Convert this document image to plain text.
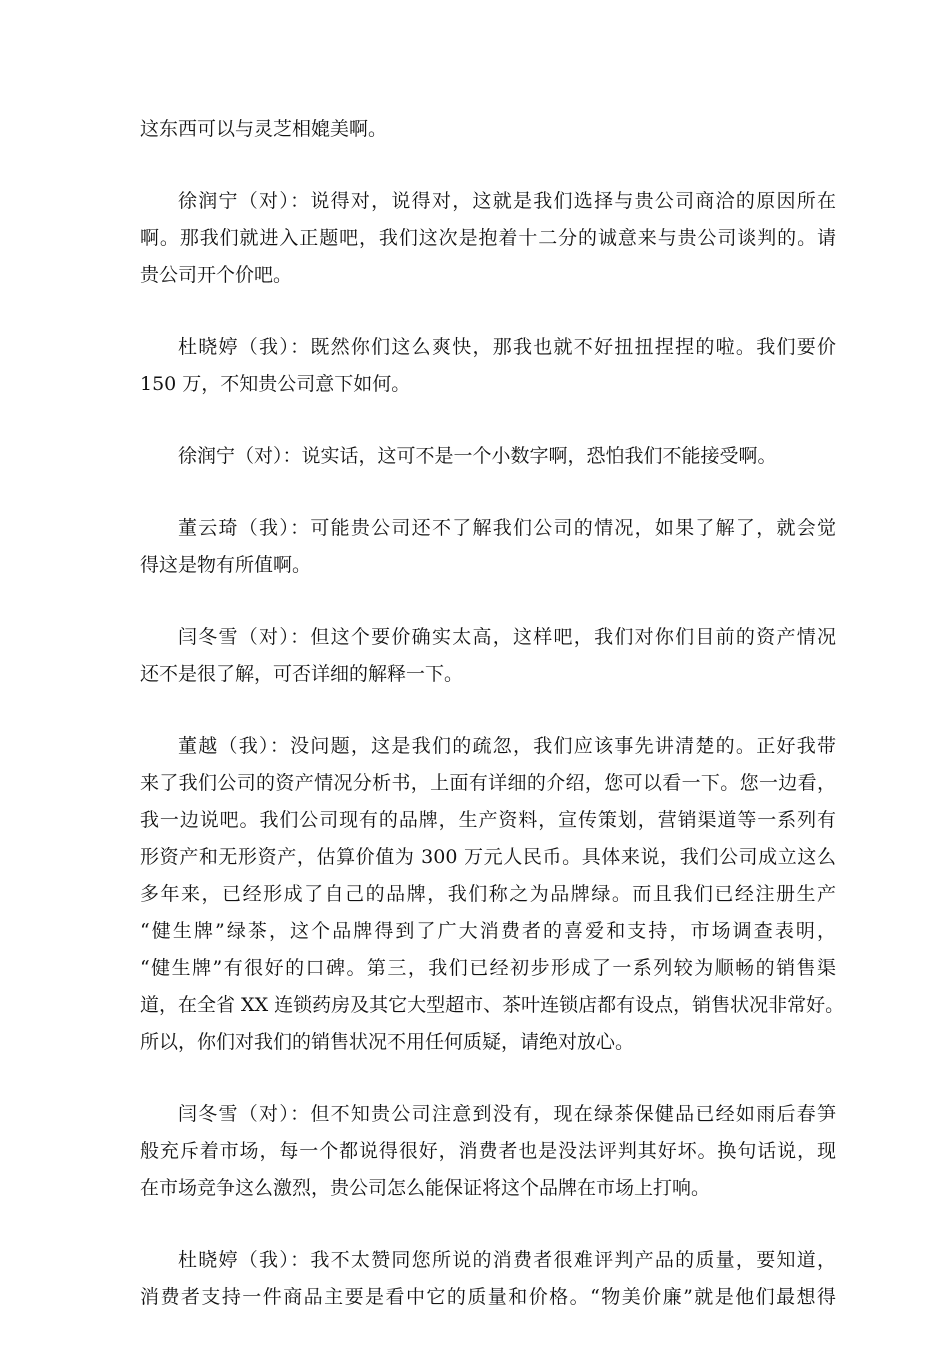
这东西可以与灵芝相媲美啊。
徐润宁（对）：说得对，说得对，这就是我们选择与贵公司商洽的原因所在
啊。那我们就进入正题吧，我们这次是抱着十二分的诚意来与贵公司谈判的。请
贵公司开个价吧。
杜晓婷（我）：既然你们这么爽快，那我也就不好扭扭捏捏的啦。我们要价
150 万，不知贵公司意下如何。
徐润宁（对）：说实话，这可不是一个小数字啊，恐怕我们不能接受啊。
董云琦（我）：可能贵公司还不了解我们公司的情况，如果了解了，就会觉
得这是物有所值啊。
闫冬雪（对）：但这个要价确实太高，这样吧，我们对你们目前的资产情况
还不是很了解，可否详细的解释一下。
董越（我）：没问题，这是我们的疏忽，我们应该事先讲清楚的。正好我带
来了我们公司的资产情况分析书，上面有详细的介绍，您可以看一下。您一边看，
我一边说吧。我们公司现有的品牌，生产资料，宣传策划，营销渠道等一系列有
形资产和无形资产，估算价值为 300 万元人民币。具体来说，我们公司成立这么
多年来，已经形成了自己的品牌，我们称之为品牌绿。而且我们已经注册生产
“健生牌”绿茶，这个品牌得到了广大消费者的喜爱和支持，市场调查表明，
“健生牌”有很好的口碑。第三，我们已经初步形成了一系列较为顺畅的销售渠
道，在全省 XX 连锁药房及其它大型超市、茶叶连锁店都有设点，销售状况非常好。
所以，你们对我们的销售状况不用任何质疑，请绝对放心。
闫冬雪（对）：但不知贵公司注意到没有，现在绿茶保健品已经如雨后春笋
般充斥着市场，每一个都说得很好，消费者也是没法评判其好坏。换句话说，现
在市场竞争这么激烈，贵公司怎么能保证将这个品牌在市场上打响。
杜晓婷（我）：我不太赞同您所说的消费者很难评判产品的质量，要知道，
消费者支持一件商品主要是看中它的质量和价格。“物美价廉”就是他们最想得
